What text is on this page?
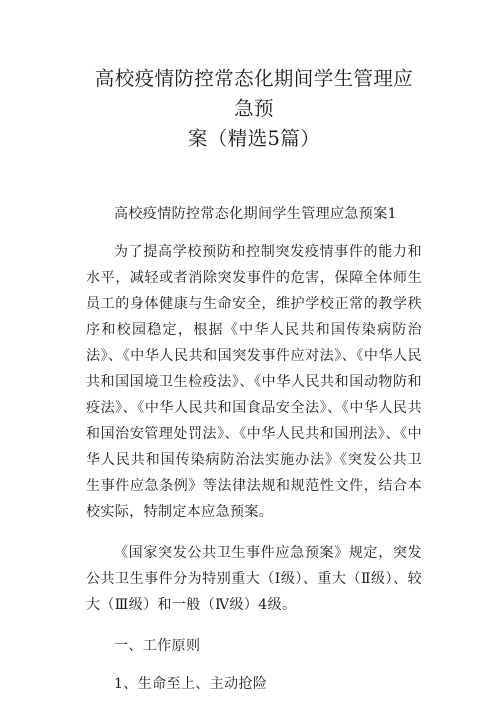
高校疫情防控常态化期间学生管理应急预
案（精选5篇）

高校疫情防控常态化期间学生管理应急预案1

为了提高学校预防和控制突发疫情事件的能力和水平，减轻或者消除突发事件的危害，保障全体师生员工的身体健康与生命安全，维护学校正常的教学秩序和校园稳定，根据《中华人民共和国传染病防治法》、《中华人民共和国突发事件应对法》、《中华人民共和国国境卫生检疫法》、《中华人民共和国动物防和疫法》、《中华人民共和国食品安全法》、《中华人民共和国治安管理处罚法》、《中华人民共和国刑法》、《中华人民共和国传染病防治法实施办法》《突发公共卫生事件应急条例》等法律法规和规范性文件，结合本校实际，特制定本应急预案。

《国家突发公共卫生事件应急预案》规定，突发公共卫生事件分为特别重大（Ⅰ级）、重大（Ⅱ级）、较大（Ⅲ级）和一般（Ⅳ级）4级。

一、工作原则

1、生命至上、主动抢险
